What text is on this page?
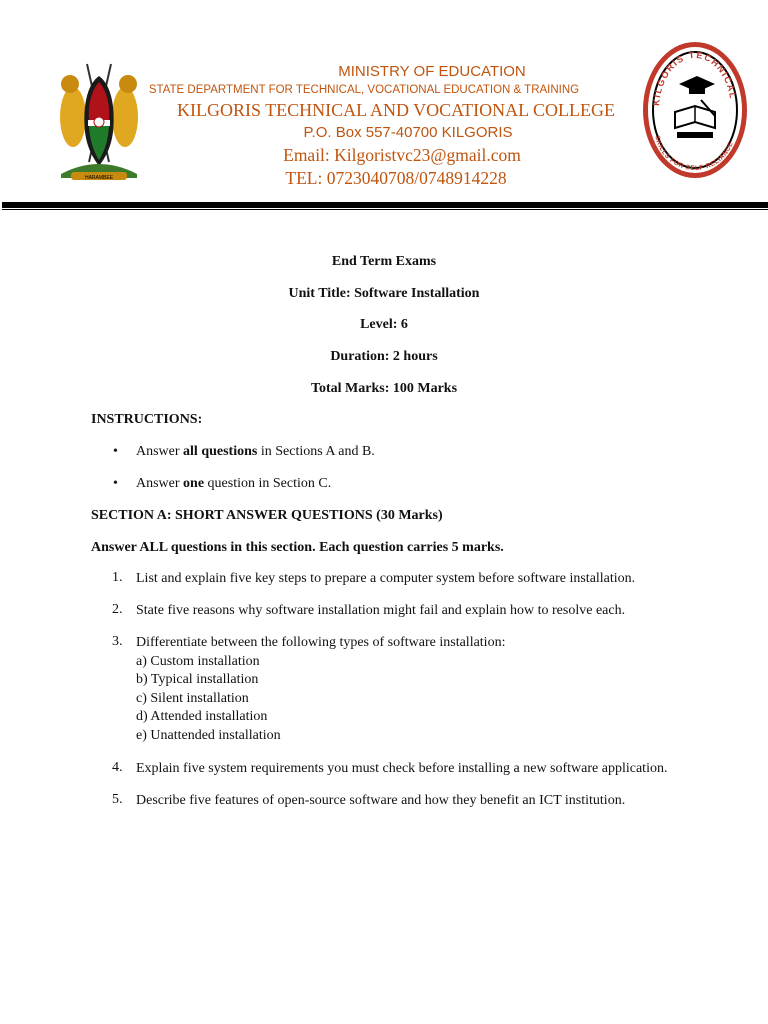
HARAMBEE
KILGORIS TECHNICAL
SKILLS FOR SELF RELIANCE
MINISTRY OF EDUCATION
STATE DEPARTMENT FOR TECHNICAL, VOCATIONAL EDUCATION & TRAINING
KILGORIS TECHNICAL AND VOCATIONAL COLLEGE
P.O. Box 557-40700 KILGORIS
Email: Kilgoristvc23@gmail.com
TEL: 0723040708/0748914228
End Term Exams
Unit Title: Software Installation
Level: 6
Duration: 2 hours
Total Marks: 100 Marks
INSTRUCTIONS:
• Answer all questions in Sections A and B.
• Answer one question in Section C.
SECTION A: SHORT ANSWER QUESTIONS (30 Marks)
Answer ALL questions in this section. Each question carries 5 marks.
1. List and explain five key steps to prepare a computer system before software installation.
2. State five reasons why software installation might fail and explain how to resolve each.
3. Differentiate between the following types of software installation:
a) Custom installation
b) Typical installation
c) Silent installation
d) Attended installation
e) Unattended installation
4. Explain five system requirements you must check before installing a new software application.
5. Describe five features of open-source software and how they benefit an ICT institution.
